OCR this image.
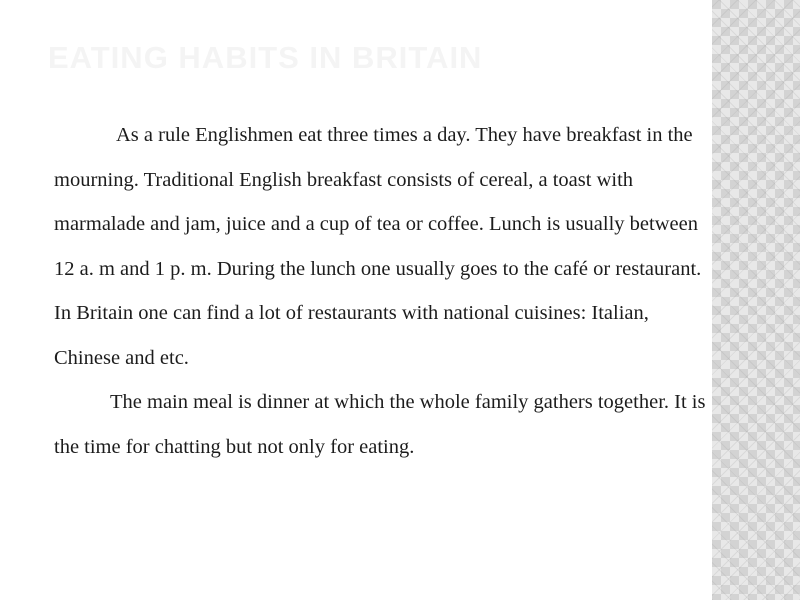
EATING HABITS IN BRITAIN

As a rule Englishmen eat three times a day. They have breakfast in the mourning. Traditional English breakfast consists of cereal, a toast with marmalade and jam, juice and a cup of tea or coffee. Lunch is usually between 12 a. m and 1 p. m. During the lunch one usually goes to the café or restaurant. In Britain one can find a lot of restaurants with national cuisines: Italian, Chinese and etc.

The main meal is dinner at which the whole family gathers together. It is the time for chatting but not only for eating.
